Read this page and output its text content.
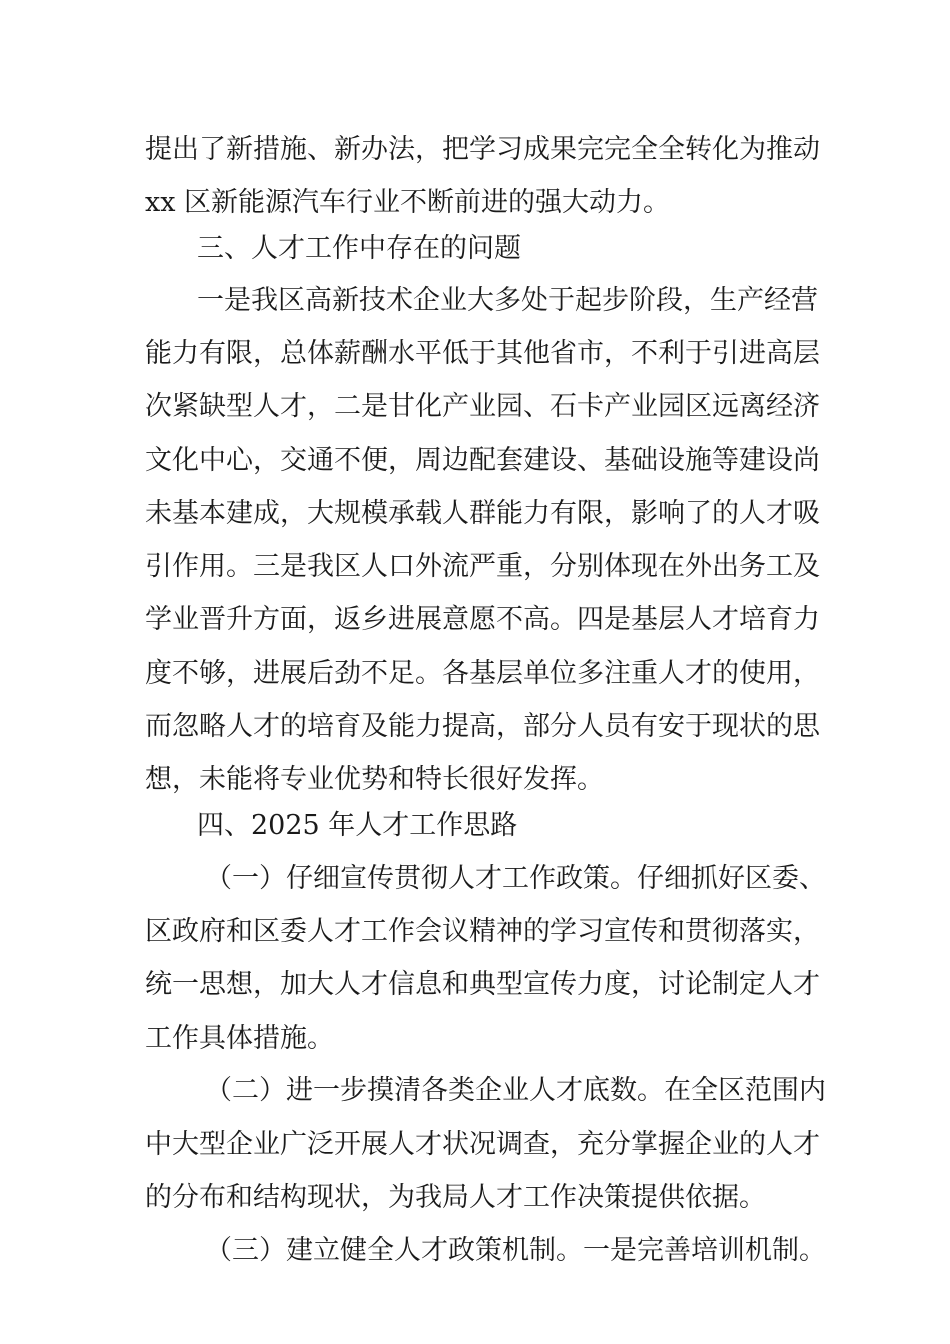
提出了新措施、新办法，把学习成果完完全全转化为推动
xx 区新能源汽车行业不断前进的强大动力。
三、人才工作中存在的问题
一是我区高新技术企业大多处于起步阶段，生产经营
能力有限，总体薪酬水平低于其他省市，不利于引进高层
次紧缺型人才，二是甘化产业园、石卡产业园区远离经济
文化中心，交通不便，周边配套建设、基础设施等建设尚
未基本建成，大规模承载人群能力有限，影响了的人才吸
引作用。三是我区人口外流严重，分别体现在外出务工及
学业晋升方面，返乡进展意愿不高。四是基层人才培育力
度不够，进展后劲不足。各基层单位多注重人才的使用，
而忽略人才的培育及能力提高，部分人员有安于现状的思
想，未能将专业优势和特长很好发挥。
四、2025 年人才工作思路
（一）仔细宣传贯彻人才工作政策。仔细抓好区委、
区政府和区委人才工作会议精神的学习宣传和贯彻落实，
统一思想，加大人才信息和典型宣传力度，讨论制定人才
工作具体措施。
（二）进一步摸清各类企业人才底数。在全区范围内
中大型企业广泛开展人才状况调查，充分掌握企业的人才
的分布和结构现状，为我局人才工作决策提供依据。
（三）建立健全人才政策机制。一是完善培训机制。
